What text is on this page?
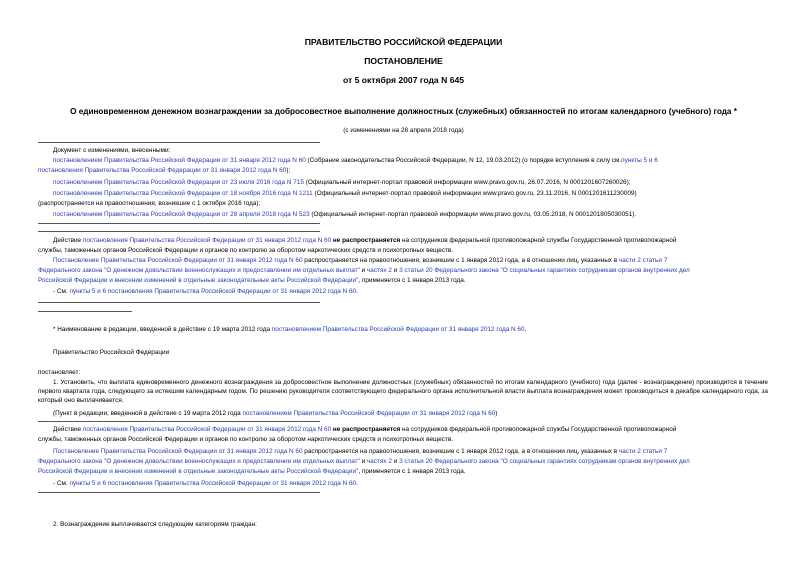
ПРАВИТЕЛЬСТВО РОССИЙСКОЙ ФЕДЕРАЦИИ
ПОСТАНОВЛЕНИЕ
от 5 октября 2007 года N 645
О единовременном денежном вознаграждении за добросовестное выполнение должностных (служебных) обязанностей по итогам календарного (учебного) года *
(с изменениями на 28 апреля 2018 года)
Документ с изменениями, внесенными:
постановлением Правительства Российской Федерации от 31 января 2012 года N 60 (Собрание законодательства Российской Федерации, N 12, 19.03.2012) (о порядке вступления в силу см.пункты 5 и 6
постановления Правительства Российской Федерации от 31 января 2012 года N 60);
постановлением Правительства Российской Федерации от 23 июля 2016 года N 715 (Официальный интернет-портал правовой информации www.pravo.gov.ru, 26.07.2016, N 0001201607260026);
постановлением Правительства Российской Федерации от 18 ноября 2016 года N 1211 (Официальный интернет-портал правовой информации www.pravo.gov.ru, 23.11.2016, N 0001201611230009)
(распространяется на правоотношения, возникшие с 1 октября 2016 года);
постановлением Правительства Российской Федерации от 28 апреля 2018 года N 523 (Официальный интернет-портал правовой информации www.pravo.gov.ru, 03.05.2018, N 0001201805030051).
Действие постановления Правительства Российской Федерации от 31 января 2012 года N 60 не распространяется на сотрудников федеральной противопожарной службы Государственной противопожарной
службы, таможенных органов Российской Федерации и органов по контролю за оборотом наркотических средств и психотропных веществ.
Постановление Правительства Российской Федерации от 31 января 2012 года N 60 распространяется на правоотношения, возникшие с 1 января 2012 года, а в отношении лиц, указанных в части 2 статьи 7
Федерального закона "О денежном довольствии военнослужащих и предоставлении им отдельных выплат" и частях 2 и 3 статьи 20 Федерального закона "О социальных гарантиях сотрудникам органов внутренних дел
Российской Федерации и внесении изменений в отдельные законодательные акты Российской Федерации", применяется с 1 января 2013 года.
- См. пункты 5 и 6 постановления Правительства Российской Федерации от 31 января 2012 года N 60.
* Наименование в редакции, введенной в действие с 19 марта 2012 года постановлением Правительства Российской Федерации от 31 января 2012 года N 60.
Правительство Российской Федерации
постановляет:
1. Установить, что выплата единовременного денежного вознаграждения за добросовестное выполнение должностных (служебных) обязанностей по итогам календарного (учебного) года (далее - вознаграждение) производится в течение первого квартала года, следующего за истекшим календарным годом. По решению руководителя соответствующего федерального органа исполнительной власти выплата вознаграждения может производиться в декабре календарного года, за который оно выплачивается.
(Пункт в редакции, введенной в действие с 19 марта 2012 года постановлением Правительства Российской Федерации от 31 января 2012 года N 60)
Действие постановления Правительства Российской Федерации от 31 января 2012 года N 60 не распространяется на сотрудников федеральной противопожарной службы Государственной противопожарной
службы, таможенных органов Российской Федерации и органов по контролю за оборотом наркотических средств и психотропных веществ.
Постановление Правительства Российской Федерации от 31 января 2012 года N 60 распространяется на правоотношения, возникшие с 1 января 2012 года, а в отношении лиц, указанных в части 2 статьи 7
Федерального закона "О денежном довольствии военнослужащих и предоставлении им отдельных выплат" и частях 2 и 3 статьи 20 Федерального закона "О социальных гарантиях сотрудникам органов внутренних дел
Российской Федерации и внесении изменений в отдельные законодательные акты Российской Федерации", применяется с 1 января 2013 года.
- См. пункты 5 и 6 постановления Правительства Российской Федерации от 31 января 2012 года N 60.
2. Вознаграждение выплачивается следующим категориям граждан:
